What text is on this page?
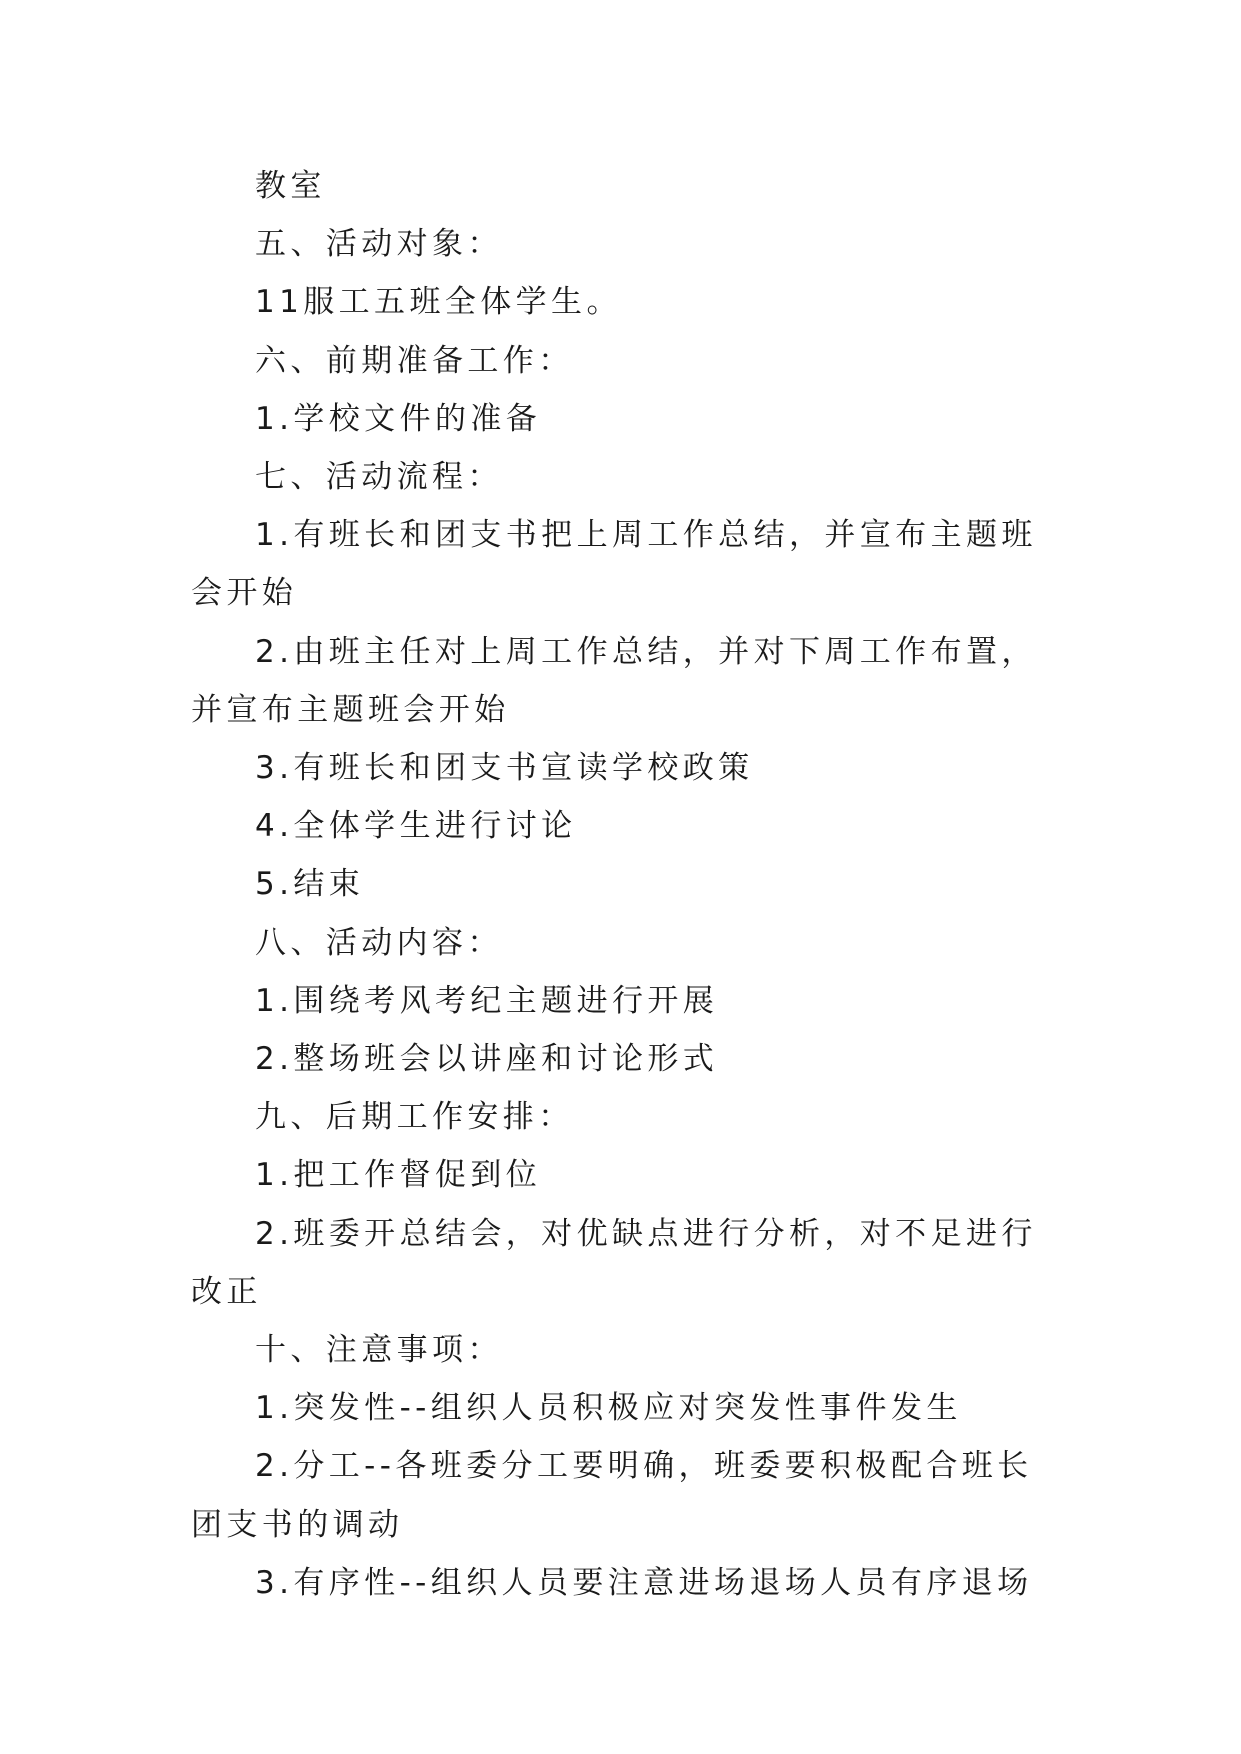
教室

五、活动对象：

11服工五班全体学生。

六、前期准备工作：

1.学校文件的准备

七、活动流程：

1.有班长和团支书把上周工作总结，并宣布主题班会开始

2.由班主任对上周工作总结，并对下周工作布置，并宣布主题班会开始

3.有班长和团支书宣读学校政策

4.全体学生进行讨论

5.结束

八、活动内容：

1.围绕考风考纪主题进行开展

2.整场班会以讲座和讨论形式

九、后期工作安排：

1.把工作督促到位

2.班委开总结会，对优缺点进行分析，对不足进行改正

十、注意事项：

1.突发性--组织人员积极应对突发性事件发生

2.分工--各班委分工要明确，班委要积极配合班长团支书的调动

3.有序性--组织人员要注意进场退场人员有序退场
